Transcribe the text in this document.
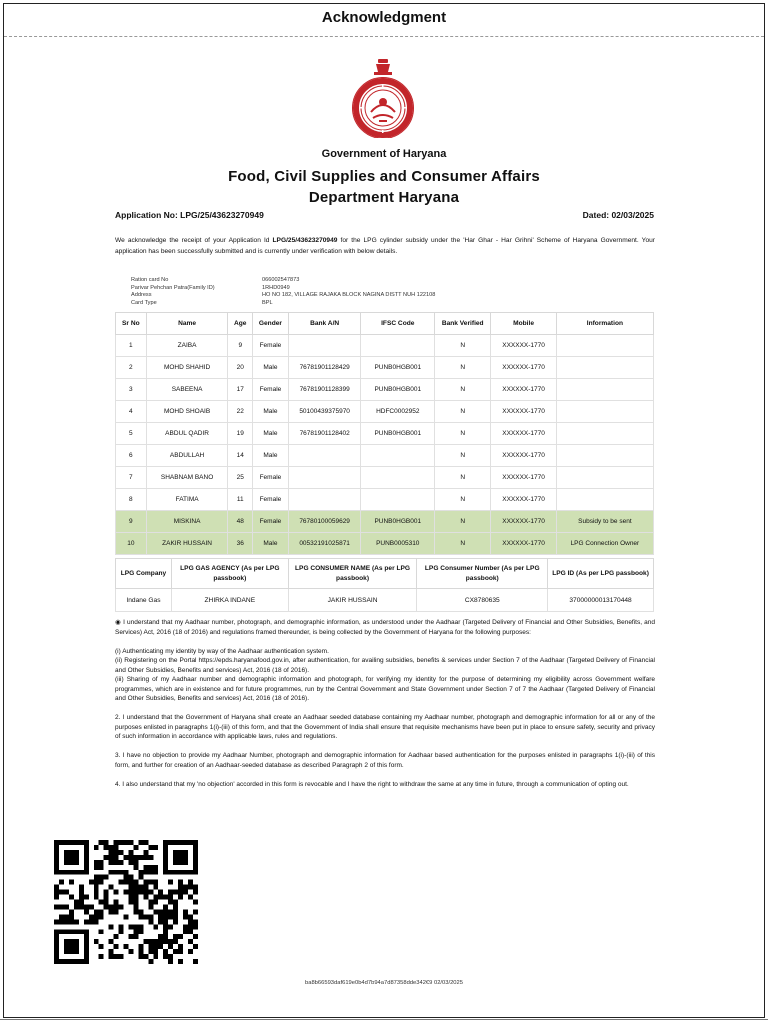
Acknowledgment
Government of Haryana
Food, Civil Supplies and Consumer Affairs
Department Haryana
Application No: LPG/25/43623270949	Dated: 02/03/2025
We acknowledge the receipt of your Application Id LPG/25/43623270949 for the LPG cylinder subsidy under the 'Har Ghar - Har Grihni' Scheme of Haryana Government. Your application has been successfully submitted and is currently under verification with below details.
Ration card No	066002547873
Parivar Pehchan Patra(Family ID)	1RHD0949
Address	HO NO 182, VILLAGE RAJAKA BLOCK NAGINA DISTT NUH 122108
Card Type	BPL
Sr No	Name	Age	Gender	Bank A/N	IFSC Code	Bank Verified	Mobile	Information
1	ZAIBA	9	Female			N	XXXXXX-1770	
2	MOHD SHAHID	20	Male	76781901128429	PUNB0HGB001	N	XXXXXX-1770	
3	SABEENA	17	Female	76781901128399	PUNB0HGB001	N	XXXXXX-1770	
4	MOHD SHOAIB	22	Male	50100439375970	HDFC0002952	N	XXXXXX-1770	
5	ABDUL QADIR	19	Male	76781901128402	PUNB0HGB001	N	XXXXXX-1770	
6	ABDULLAH	14	Male			N	XXXXXX-1770	
7	SHABNAM BANO	25	Female			N	XXXXXX-1770	
8	FATIMA	11	Female			N	XXXXXX-1770	
9	MISKINA	48	Female	76780100059629	PUNB0HGB001	N	XXXXXX-1770	Subsidy to be sent
10	ZAKIR HUSSAIN	36	Male	00532191025871	PUNB0005310	N	XXXXXX-1770	LPG Connection Owner
LPG Company	LPG GAS AGENCY (As per LPG passbook)	LPG CONSUMER NAME (As per LPG passbook)	LPG Consumer Number (As per LPG passbook)	LPG ID (As per LPG passbook)
Indane Gas	ZHIRKA INDANE	JAKIR HUSSAIN	CX8780635	37000000013170448

◉ I understand that my Aadhaar number, photograph, and demographic information, as understood under the Aadhaar (Targeted Delivery of Financial and Other Subsidies, Benefits, and Services) Act, 2016 (18 of 2016) and regulations framed thereunder, is being collected by the Government of Haryana for the following purposes:

(i) Authenticating my identity by way of the Aadhaar authentication system.

(ii) Registering on the Portal https://epds.haryanafood.gov.in, after authentication, for availing subsidies, benefits & services under Section 7 of the Aadhaar (Targeted Delivery of Financial and Other Subsidies, Benefits and services) Act, 2016 (18 of 2016).

(iii) Sharing of my Aadhaar number and demographic information and photograph, for verifying my identity for the purpose of determining my eligibility across Government welfare programmes, which are in existence and for future programmes, run by the Central Government and State Government under Section 7 of 7 the Aadhaar (Targeted Delivery of Financial and Other Subsidies, Benefits and services) Act, 2016 (18 of 2016).

2. I understand that the Government of Haryana shall create an Aadhaar seeded database containing my Aadhaar number, photograph and demographic information for all or any of the purposes enlisted in paragraphs 1(i)-(iii) of this form, and that the Government of India shall ensure that requisite mechanisms have been put in place to ensure safety, security and privacy of such information in accordance with applicable laws, rules and regulations.

3. I have no objection to provide my Aadhaar Number, photograph and demographic information for Aadhaar based authentication for the purposes enlisted in paragraphs 1(i)-(iii) of this form, and further for creation of an Aadhaar-seeded database as described Paragraph 2 of this form.

4. I also understand that my 'no objection' accorded in this form is revocable and I have the right to withdraw the same at any time in future, through a communication of opting out.

ba8b66593daf619e0b4d7b94a7d87358dde342€9 02/03/2025
